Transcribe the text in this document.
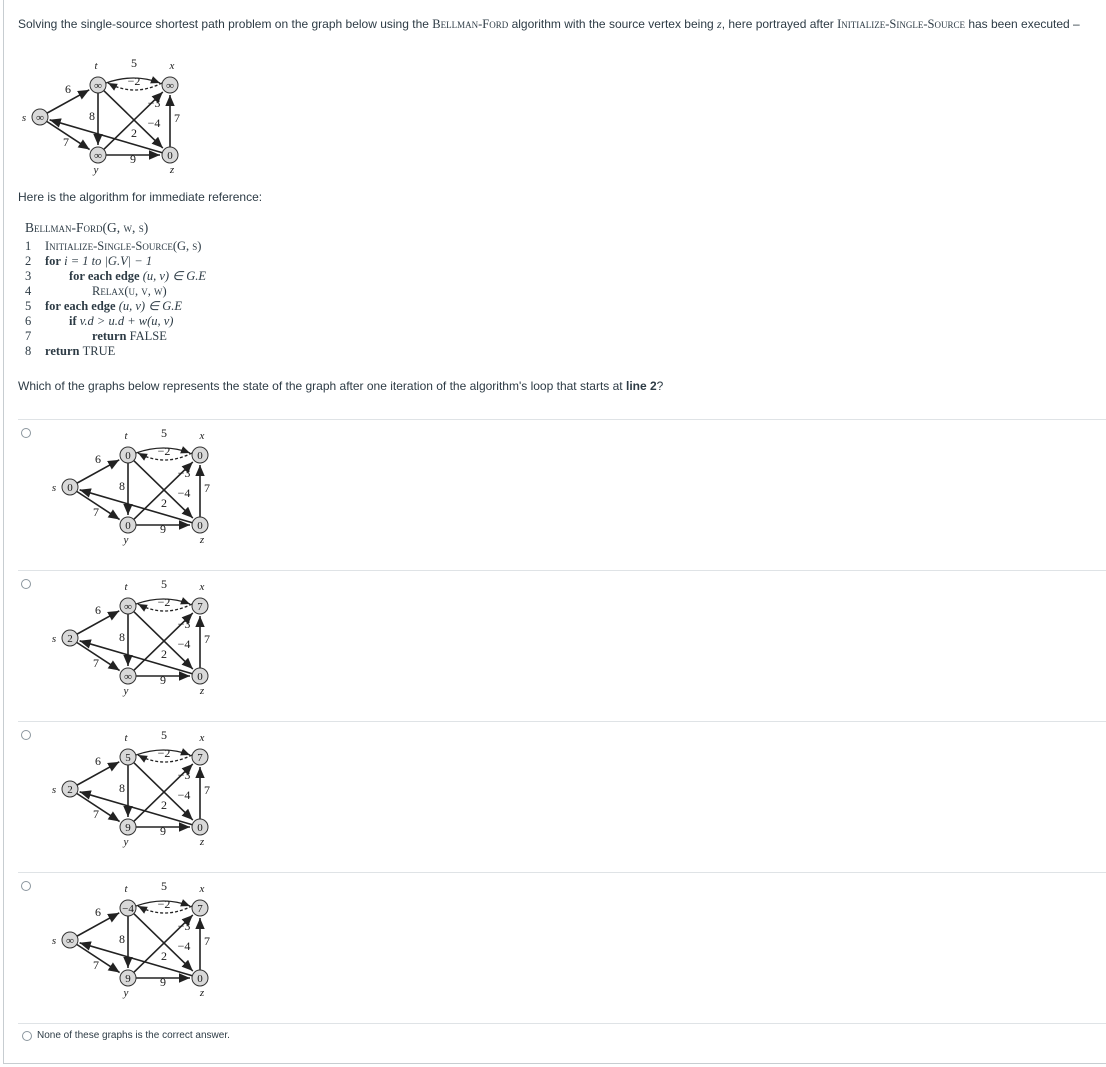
Solving the single-source shortest path problem on the graph below using the Bellman-Ford algorithm with the source vertex being z, here portrayed after Initialize-Single-Source has been executed –
6
7
8
9
2
7
5
−2
−3
−4
∞
s
∞
t
∞
x
∞
y
0
z
Here is the algorithm for immediate reference:
Bellman-Ford(G, w, s)
1	Initialize-Single-Source(G, s)
2	for
i = 1 to |G.V| − 1
3	for each edge
(u, v) ∈ G.E
4	Relax(u, v, w)
5	for each edge
(u, v) ∈ G.E
6	if
v.d > u.d + w(u, v)
7	return
FALSE
8	return
TRUE
Which of the graphs below represents the state of the graph after one iteration of the algorithm's loop that starts at line 2?
6
7
8
9
2
7
5
−2
−3
−4
0
s
0
t
0
x
0
y
0
z
6
7
8
9
2
7
5
−2
−3
−4
2
s
∞
t
7
x
∞
y
0
z
6
7
8
9
2
7
5
−2
−3
−4
2
s
5
t
7
x
9
y
0
z
6
7
8
9
2
7
5
−2
−3
−4
∞
s
−4
t
7
x
9
y
0
z
None of these graphs is the correct answer.
